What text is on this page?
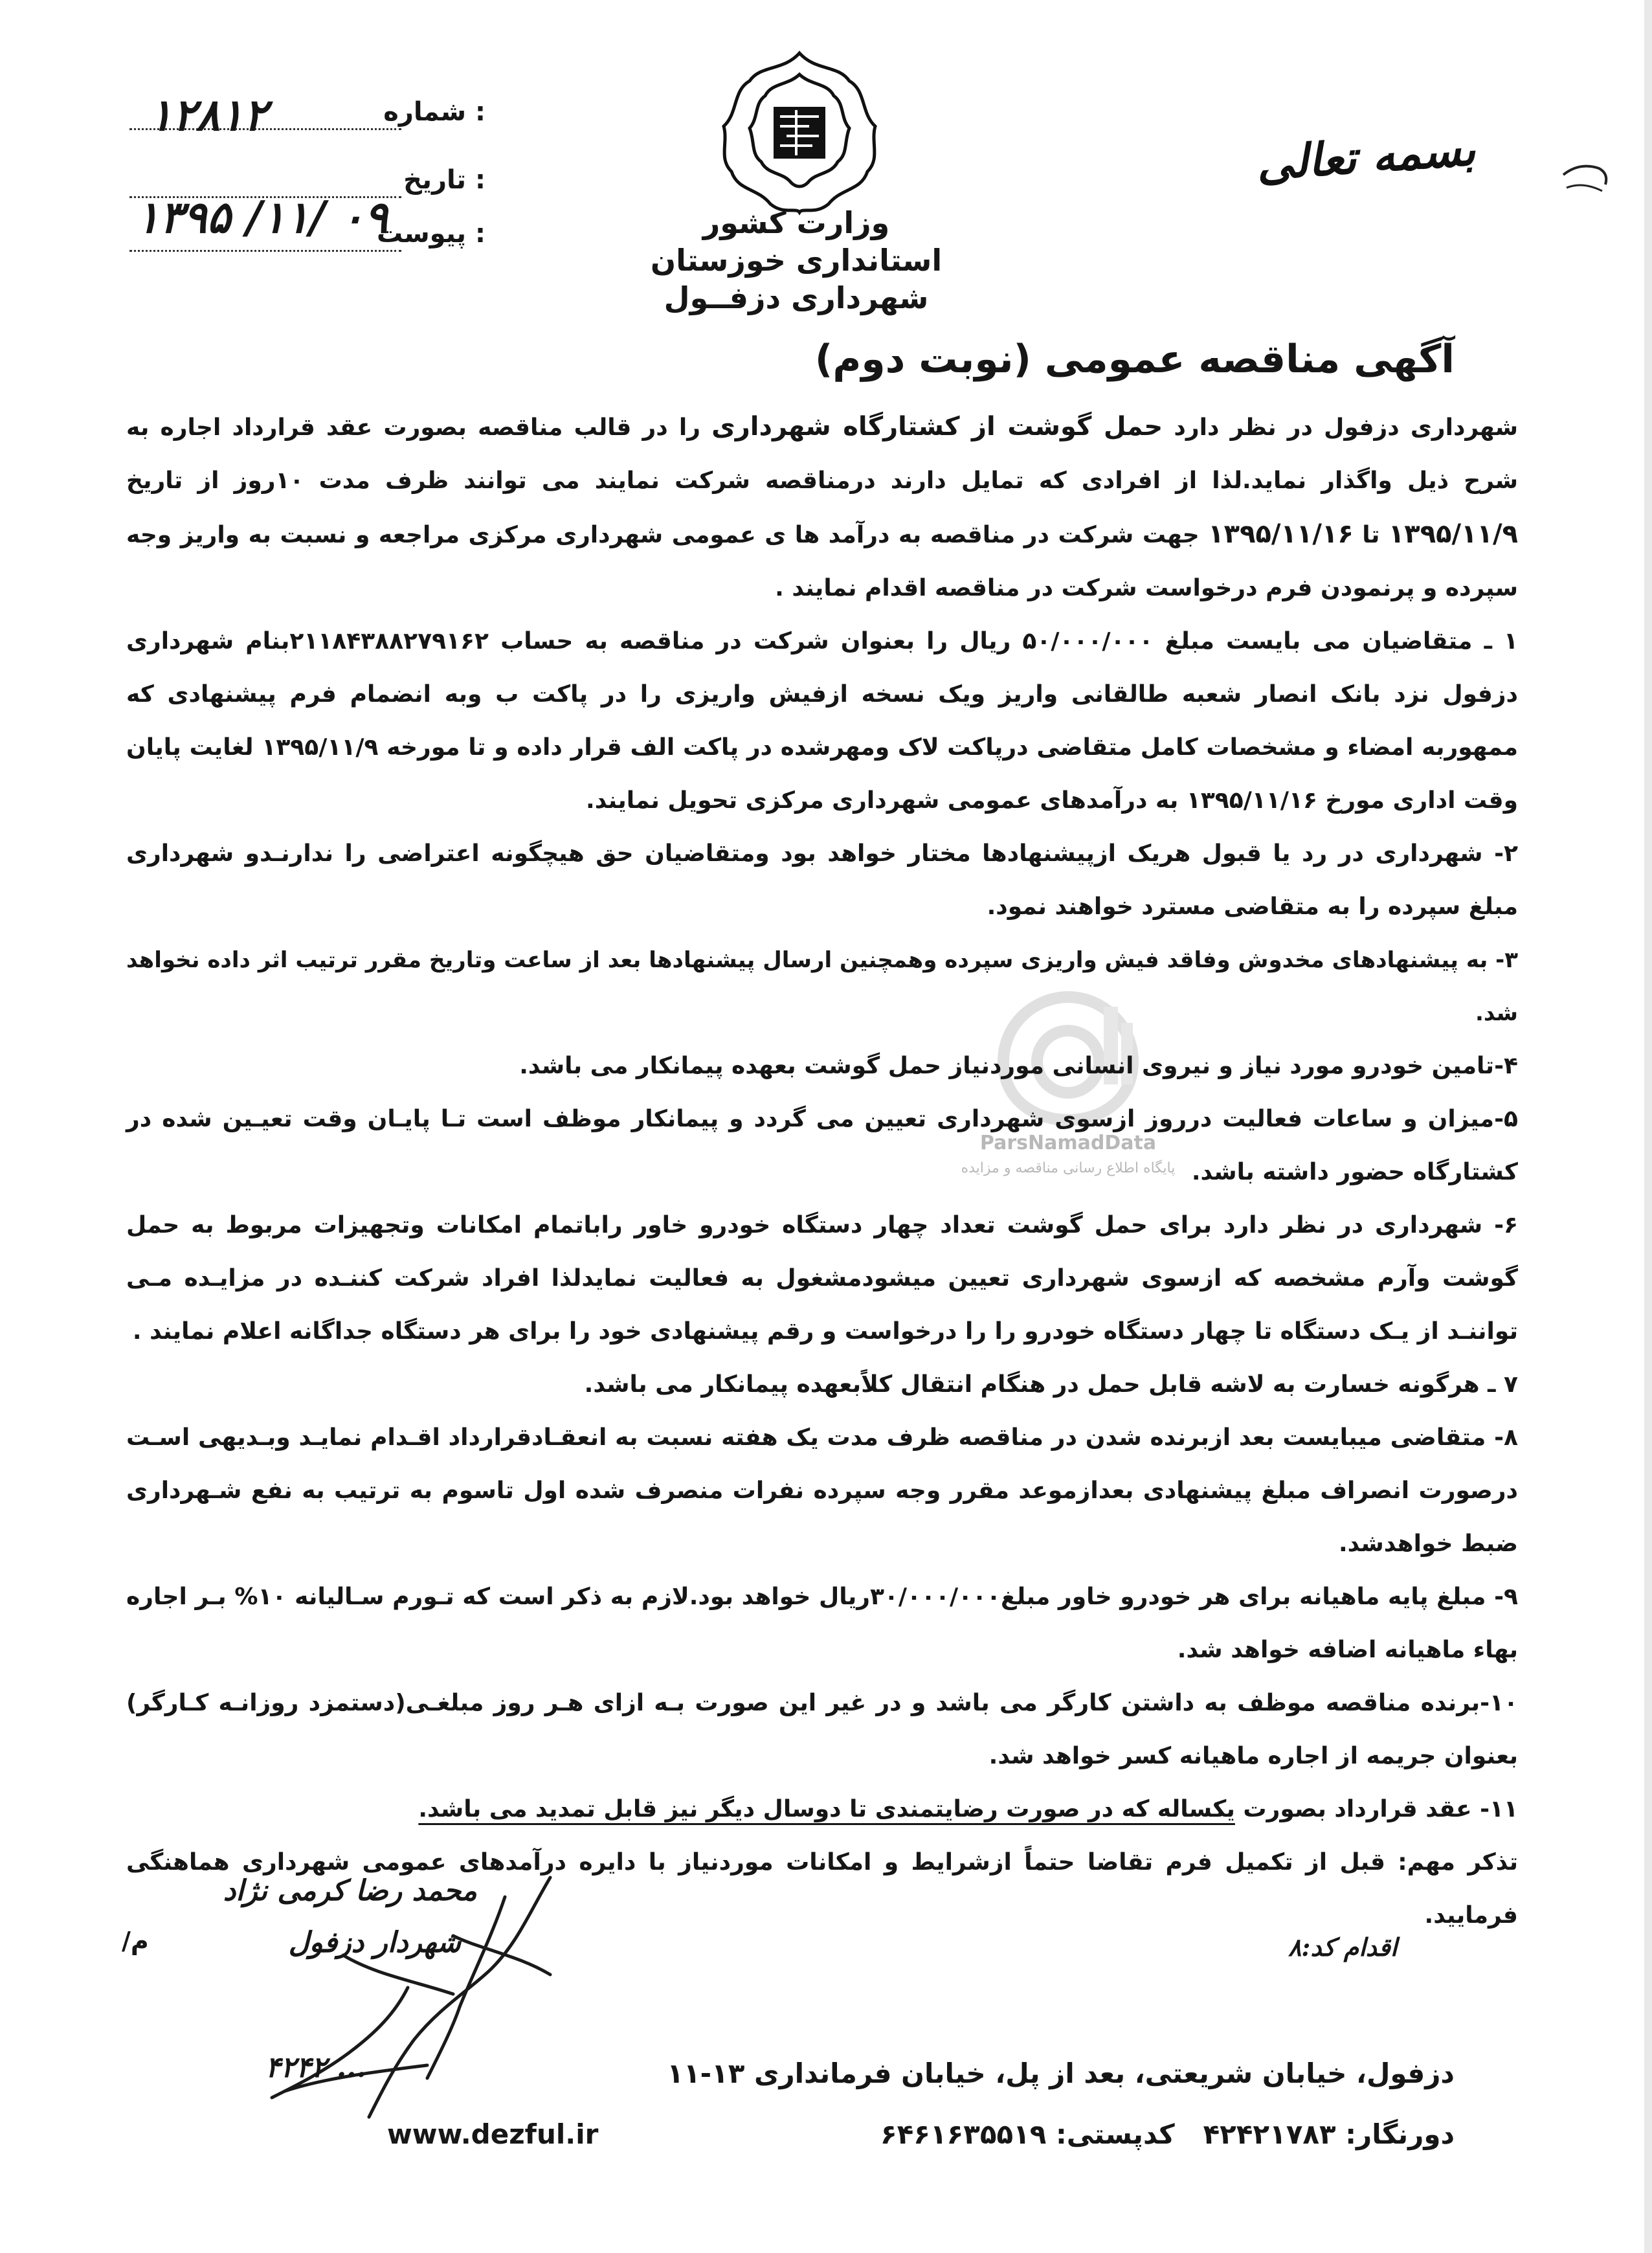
بسمه تعالی
وزارت کشور
استانداری خوزستان
شهرداری دزفــول
شماره :
۱۲۸۱۲
تاریخ :
پیوست :
۱۳۹۵ /۱۱/ ۰۹
آگهی مناقصه عمومی (نوبت دوم)
ParsNamadData
پایگاه اطلاع رسانی مناقصه و مزایده

شهرداری دزفول در نظر دارد حمل گوشت از کشتارگاه شهرداری را در قالب مناقصه بصورت عقد قرارداد اجاره به شرح ذیل واگذار نماید.لذا از افرادی که تمایل دارند درمناقصه شرکت نمایند می توانند ظرف مدت ۱۰روز از تاریخ ۱۳۹۵/۱۱/۹ تا ۱۳۹۵/۱۱/۱۶ جهت شرکت در مناقصه به درآمد ها ی عمومی شهرداری مرکزی مراجعه و نسبت به واریز وجه سپرده و پرنمودن فرم درخواست شرکت در مناقصه اقدام نمایند .

۱ ـ متقاضیان می بایست مبلغ ۵۰/۰۰۰/۰۰۰ ریال را بعنوان شرکت در مناقصه به حساب ۲۱۱۸۴۳۸۸۲۷۹۱۶۲بنام شهرداری دزفول نزد بانک انصار شعبه طالقانی واریز ویک نسخه ازفیش واریزی را در پاکت ب وبه انضمام فرم پیشنهادی که ممهوربه امضاء و مشخصات کامل متقاضی درپاکت لاک ومهرشده در پاکت الف قرار داده و تا مورخه ۱۳۹۵/۱۱/۹ لغایت پایان وقت اداری مورخ ۱۳۹۵/۱۱/۱۶ به درآمدهای عمومی شهرداری مرکزی تحویل نمایند.

۲- شهرداری در رد یا قبول هریک ازپیشنهادها مختار خواهد بود ومتقاضیان حق هیچگونه اعتراضی را ندارنـدو شهرداری مبلغ سپرده را به متقاضی مسترد خواهند نمود.

۳- به پیشنهادهای مخدوش وفاقد فیش واریزی سپرده وهمچنین ارسال پیشنهادها بعد از ساعت وتاریخ مقرر ترتیب اثر داده نخواهد شد.

۴-تامین خودرو مورد نیاز و نیروی انسانی موردنیاز حمل گوشت بعهده پیمانکار می باشد.

۵-میزان و ساعات فعالیت درروز ازسوی شهرداری تعیین می گردد و پیمانکار موظف است تـا پایـان وقت تعیـین شده در کشتارگاه حضور داشته باشد.

۶- شهرداری در نظر دارد برای حمل گوشت تعداد چهار دستگاه خودرو خاور راباتمام امکانات وتجهیزات مربوط به حمل گوشت وآرم مشخصه که ازسوی شهرداری تعیین میشودمشغول به فعالیت نمایدلذا افراد شرکت کننـده در مزایـده مـی تواننـد از یـک دستگاه تا چهار دستگاه خودرو را را درخواست و رقم پیشنهادی خود را برای هر دستگاه جداگانه اعلام نمایند .

۷ ـ هرگونه خسارت به لاشه قابل حمل در هنگام انتقال کلاًبعهده پیمانکار می باشد.

۸- متقاضی میبایست بعد ازبرنده شدن در مناقصه ظرف مدت یک هفته نسبت به انعقـادقرارداد اقـدام نمایـد وبـدیهی اسـت درصورت انصراف مبلغ پیشنهادی بعدازموعد مقرر وجه سپرده نفرات منصرف شده اول تاسوم به ترتیب به نفع شـهرداری ضبط خواهدشد.

۹- مبلغ پایه ماهیانه برای هر خودرو خاور مبلغ۳۰/۰۰۰/۰۰۰ریال خواهد بود.لازم به ذکر است که تـورم سـالیانه ۱۰% بـر اجاره بهاء ماهیانه اضافه خواهد شد.

۱۰-برنده مناقصه موظف به داشتن کارگر می باشد و در غیر این صورت بـه ازای هـر روز مبلغـی(دستمزد روزانـه کـارگر) بعنوان جریمه از اجاره ماهیانه کسر خواهد شد.

۱۱- عقد قرارداد بصورت یکساله که در صورت رضایتمندی تا دوسال دیگر نیز قابل تمدید می باشد.

تذکر مهم: قبل از تکمیل فرم تقاضا حتماً ازشرایط و امکانات موردنیاز با دایره درآمدهای عمومی شهرداری هماهنگی فرمایید.

/م
محمد رضا کرمی نژاد
شهردار دزفول	اقدام کد:۸
دزفول، خیابان شریعتی، بعد از پل، خیابان فرمانداری ۱۳-۱۱
۴۲۴۲ ...
دورنگار: ۴۲۴۲۱۷۸۳   کدپستی: ۶۴۶۱۶۳۵۵۱۹
www.dezful.ir
